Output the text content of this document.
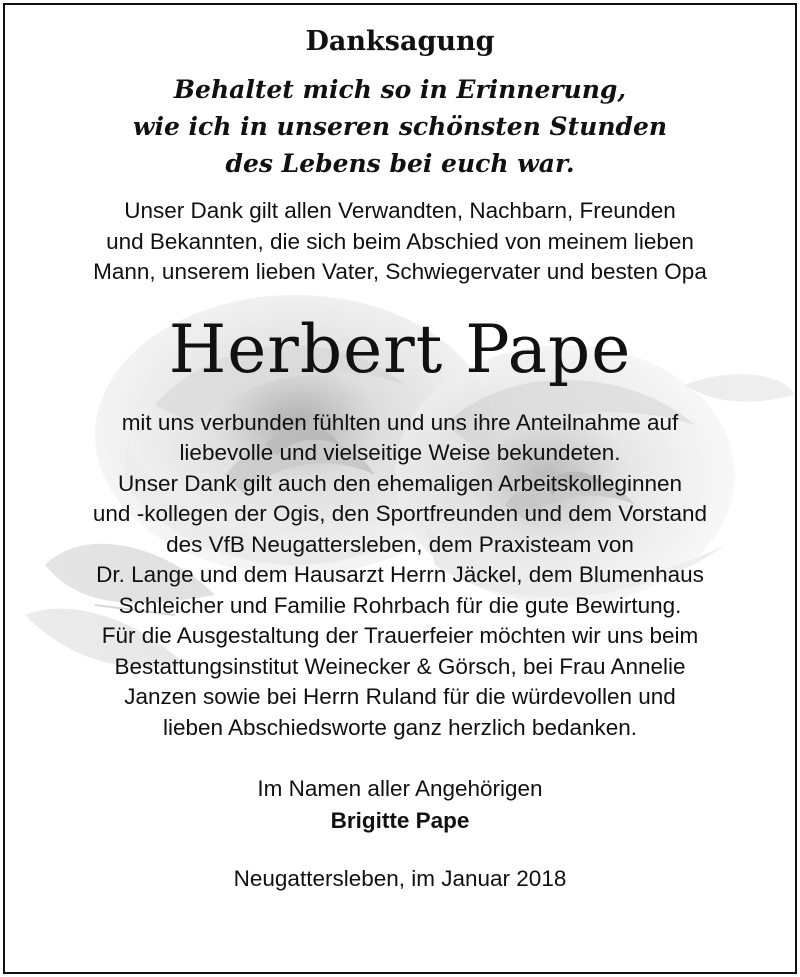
Danksagung
Behaltet mich so in Erinnerung,
wie ich in unseren schönsten Stunden
des Lebens bei euch war.
Unser Dank gilt allen Verwandten, Nachbarn, Freunden
und Bekannten, die sich beim Abschied von meinem lieben
Mann, unserem lieben Vater, Schwiegervater und besten Opa
Herbert Pape
mit uns verbunden fühlten und uns ihre Anteilnahme auf
liebevolle und vielseitige Weise bekundeten.
Unser Dank gilt auch den ehemaligen Arbeitskolleginnen
und -kollegen der Ogis, den Sportfreunden und dem Vorstand
des VfB Neugattersleben, dem Praxisteam von
Dr. Lange und dem Hausarzt Herrn Jäckel, dem Blumenhaus
Schleicher und Familie Rohrbach für die gute Bewirtung.
Für die Ausgestaltung der Trauerfeier möchten wir uns beim
Bestattungsinstitut Weinecker & Görsch, bei Frau Annelie
Janzen sowie bei Herrn Ruland für die würdevollen und
lieben Abschiedsworte ganz herzlich bedanken.
Im Namen aller Angehörigen
Brigitte Pape
Neugattersleben, im Januar 2018
